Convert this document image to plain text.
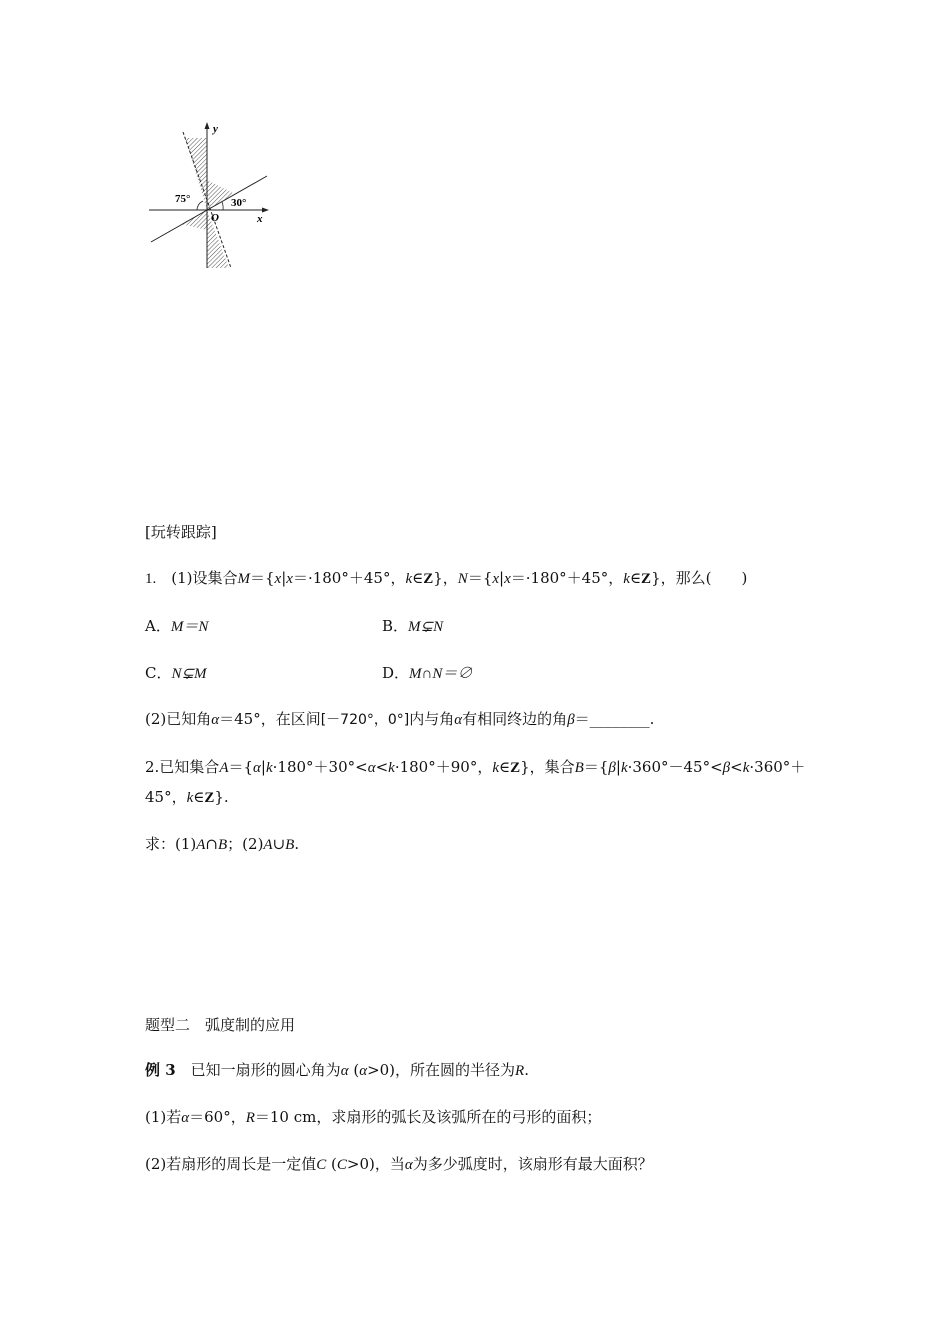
y
x
O
75°	30°
[玩转跟踪]
1.  (1)设集合M＝{x|x＝·180°＋45°，k∈Z}，N＝{x|x＝·180°＋45°，k∈Z}，那么(　　)
A．M＝N	B．M⊊N
C．N⊊M	D．M∩N＝∅
(2)已知角α＝45°，在区间[－720°，0°]内与角α有相同终边的角β＝________.
2.已知集合A＝{α|k·180°＋30°<α<k·180°＋90°，k∈Z}，集合B＝{β|k·360°－45°<β<k·360°＋
45°，k∈Z}.
求：(1)A∩B；(2)A∪B.
题型二　弧度制的应用
例 3　已知一扇形的圆心角为α (α>0)，所在圆的半径为R.
(1)若α＝60°，R＝10 cm，求扇形的弧长及该弧所在的弓形的面积；
(2)若扇形的周长是一定值C (C>0)，当α为多少弧度时，该扇形有最大面积？
